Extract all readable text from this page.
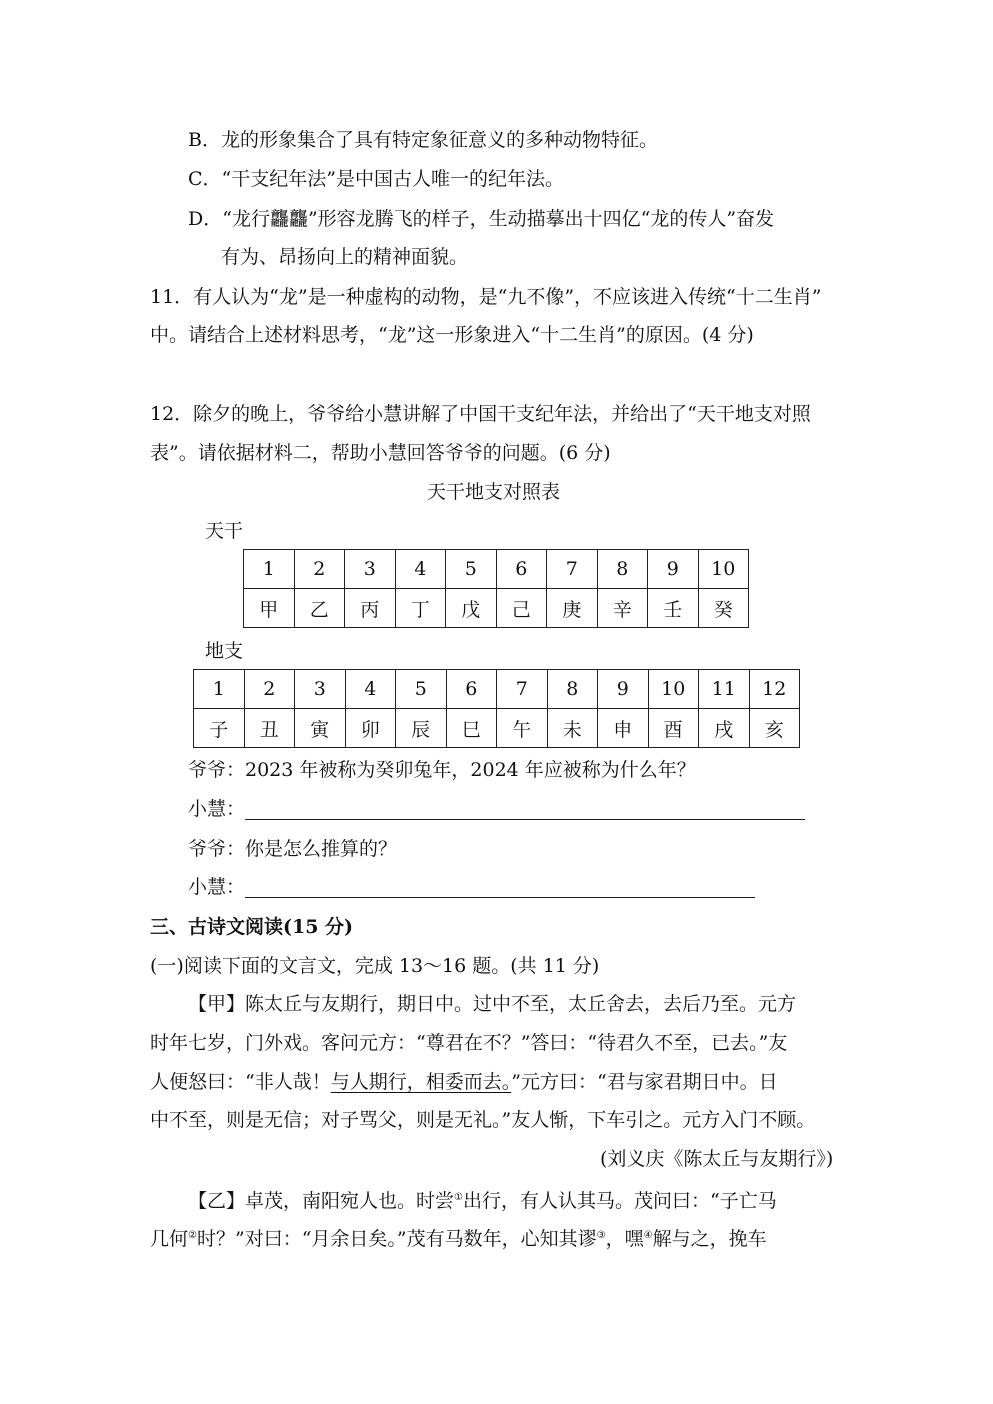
B．龙的形象集合了具有特定象征意义的多种动物特征。
C．“干支纪年法”是中国古人唯一的纪年法。
D．“龙行龘龘”形容龙腾飞的样子，生动描摹出十四亿“龙的传人”奋发
有为、昂扬向上的精神面貌。
11．有人认为“龙”是一种虚构的动物，是“九不像”，不应该进入传统“十二生肖”
中。请结合上述材料思考，“龙”这一形象进入“十二生肖”的原因。(4 分)
12．除夕的晚上，爷爷给小慧讲解了中国干支纪年法，并给出了“天干地支对照
表”。请依据材料二，帮助小慧回答爷爷的问题。(6 分)
天干地支对照表
天干
1	2	3	4	5	6	7	8	9	10
甲	乙	丙	丁	戊	己	庚	辛	壬	癸
地支
1	2	3	4	5	6	7	8	9	10	11	12
子	丑	寅	卯	辰	巳	午	未	申	酉	戌	亥
爷爷：2023 年被称为癸卯兔年，2024 年应被称为什么年？
小慧：
爷爷：你是怎么推算的？
小慧：
三、古诗文阅读(15 分)
(一)阅读下面的文言文，完成 13～16 题。(共 11 分)
【甲】陈太丘与友期行，期日中。过中不至，太丘舍去，去后乃至。元方
时年七岁，门外戏。客问元方：“尊君在不？”答曰：“待君久不至，已去。”友
人便怒曰：“非人哉！与人期行，相委而去。”元方曰：“君与家君期日中。日
中不至，则是无信；对子骂父，则是无礼。”友人惭，下车引之。元方入门不顾。
(刘义庆《陈太丘与友期行》)
【乙】卓茂，南阳宛人也。时尝①出行，有人认其马。茂问曰：“子亡马
几何②时？”对曰：“月余日矣。”茂有马数年，心知其谬③，嘿④解与之，挽车
